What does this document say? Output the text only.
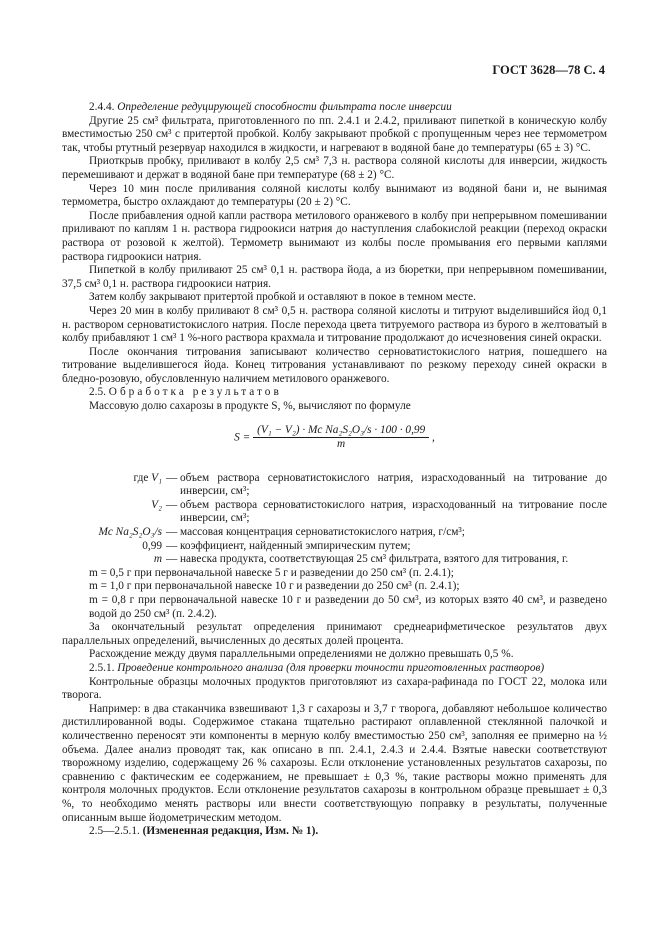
ГОСТ 3628—78 С. 4

2.4.4. Определение редуцирующей способности фильтрата после инверсии

Другие 25 см³ фильтрата, приготовленного по пп. 2.4.1 и 2.4.2, приливают пипеткой в коническую колбу вместимостью 250 см³ с притертой пробкой. Колбу закрывают пробкой с пропущенным через нее термометром так, чтобы ртутный резервуар находился в жидкости, и нагревают в водяной бане до температуры (65 ± 3) °С.

Приоткрыв пробку, приливают в колбу 2,5 см³ 7,3 н. раствора соляной кислоты для инверсии, жидкость перемешивают и держат в водяной бане при температуре (68 ± 2) °С.

Через 10 мин после приливания соляной кислоты колбу вынимают из водяной бани и, не вынимая термометра, быстро охлаждают до температуры (20 ± 2) °С.

После прибавления одной капли раствора метилового оранжевого в колбу при непрерывном помешивании приливают по каплям 1 н. раствора гидроокиси натрия до наступления слабокислой реакции (переход окраски раствора от розовой к желтой). Термометр вынимают из колбы после промывания его первыми каплями раствора гидроокиси натрия.

Пипеткой в колбу приливают 25 см³ 0,1 н. раствора йода, а из бюретки, при непрерывном помешивании, 37,5 см³ 0,1 н. раствора гидроокиси натрия.

Затем колбу закрывают притертой пробкой и оставляют в покое в темном месте.

Через 20 мин в колбу приливают 8 см³ 0,5 н. раствора соляной кислоты и титруют выделившийся йод 0,1 н. раствором серноватистокислого натрия. После перехода цвета титруемого раствора из бурого в желтоватый в колбу прибавляют 1 см³ 1 %-ного раствора крахмала и титрование продолжают до исчезновения синей окраски.

После окончания титрования записывают количество серноватистокислого натрия, пошедшего на титрование выделившегося йода. Конец титрования устанавливают по резкому переходу синей окраски в бледно-розовую, обусловленную наличием метилового оранжевого.

2.5. Обработка результатов

Массовую долю сахарозы в продукте S, %, вычисляют по формуле

$S = \frac{\text{(V₁ − V₂) · Mc Na₂S₂O₃/s · 100 · 0,99}}{m}$ ,
где V₁ — объем раствора серноватистокислого натрия, израсходованный на титрование до инверсии, см³;
V₂ — объем раствора серноватистокислого натрия, израсходованный на титрование после инверсии, см³;
Mc Na₂S₂O₃/s — массовая концентрация серноватистокислого натрия, г/см³;
0,99 — коэффициент, найденный эмпирическим путем;
m — навеска продукта, соответствующая 25 см³ фильтрата, взятого для титрования, г.

m = 0,5 г при первоначальной навеске 5 г и разведении до 250 см³ (п. 2.4.1);

m = 1,0 г при первоначальной навеске 10 г и разведении до 250 см³ (п. 2.4.1);

m = 0,8 г при первоначальной навеске 10 г и разведении до 50 см³, из которых взято 40 см³, и разведено водой до 250 см³ (п. 2.4.2).

За окончательный результат определения принимают среднеарифметическое результатов двух параллельных определений, вычисленных до десятых долей процента.

Расхождение между двумя параллельными определениями не должно превышать 0,5 %.

2.5.1. Проведение контрольного анализа (для проверки точности приготовленных растворов)

Контрольные образцы молочных продуктов приготовляют из сахара-рафинада по ГОСТ 22, молока или творога.

Например: в два стаканчика взвешивают 1,3 г сахарозы и 3,7 г творога, добавляют небольшое количество дистиллированной воды. Содержимое стакана тщательно растирают оплавленной стеклянной палочкой и количественно переносят эти компоненты в мерную колбу вместимостью 250 см³, заполняя ее примерно на ½ объема. Далее анализ проводят так, как описано в пп. 2.4.1, 2.4.3 и 2.4.4. Взятые навески соответствуют творожному изделию, содержащему 26 % сахарозы. Если отклонение установленных результатов сахарозы, по сравнению с фактическим ее содержанием, не превышает ± 0,3 %, такие растворы можно применять для контроля молочных продуктов. Если отклонение результатов сахарозы в контрольном образце превышает ± 0,3 %, то необходимо менять растворы или внести соответствующую поправку в результаты, полученные описанным выше йодометрическим методом.

2.5—2.5.1. (Измененная редакция, Изм. № 1).
